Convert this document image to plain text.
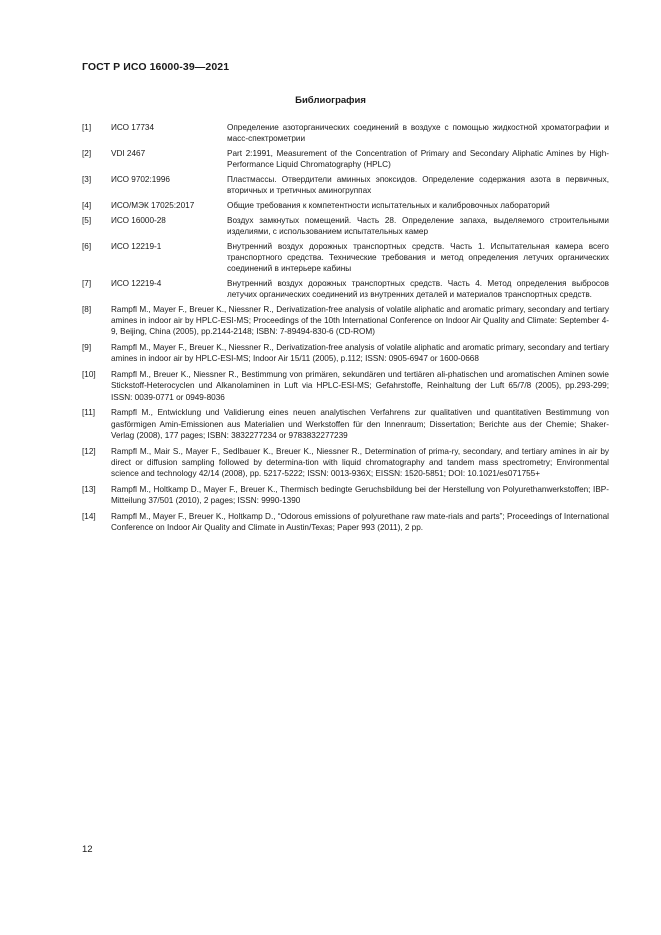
ГОСТ Р ИСО 16000-39—2021
Библиография
[1]	ИСО 17734	Определение азоторганических соединений в воздухе с помощью жидкостной хроматографии и масс-спектрометрии
[2]	VDI 2467	Part 2:1991, Measurement of the Concentration of Primary and Secondary Aliphatic Amines by High-Performance Liquid Chromatography (HPLC)
[3]	ИСО 9702:1996	Пластмассы. Отвердители аминных эпоксидов. Определение содержания азота в первичных, вторичных и третичных аминогруппах
[4]	ИСО/МЭК 17025:2017	Общие требования к компетентности испытательных и калибровочных лабораторий
[5]	ИСО 16000-28	Воздух замкнутых помещений. Часть 28. Определение запаха, выделяемого строительными изделиями, с использованием испытательных камер
[6]	ИСО 12219-1	Внутренний воздух дорожных транспортных средств. Часть 1. Испытательная камера всего транспортного средства. Технические требования и метод определения летучих органических соединений в интерьере кабины
[7]	ИСО 12219-4	Внутренний воздух дорожных транспортных средств. Часть 4. Метод определения выбросов летучих органических соединений из внутренних деталей и материалов транспортных средств.
[8]	Rampfl M., Mayer F., Breuer K., Niessner R., Derivatization-free analysis of volatile aliphatic and aromatic primary, secondary and tertiary amines in indoor air by HPLC-ESI-MS; Proceedings of the 10th International Conference on Indoor Air Quality and Climate: September 4-9, Beijing, China (2005), pp.2144-2148; ISBN: 7-89494-830-6 (CD-ROM)
[9]	Rampfl M., Mayer F., Breuer K., Niessner R., Derivatization-free analysis of volatile aliphatic and aromatic primary, secondary and tertiary amines in indoor air by HPLC-ESI-MS; Indoor Air 15/11 (2005), p.112; ISSN: 0905-6947 or 1600-0668
[10]	Rampfl M., Breuer K., Niessner R., Bestimmung von primären, sekundären und tertiären ali-phatischen und aromatischen Aminen sowie Stickstoff-Heterocyclen und Alkanolaminen in Luft via HPLC-ESI-MS; Gefahrstoffe, Reinhaltung der Luft 65/7/8 (2005), pp.293-299; ISSN: 0039-0771 or 0949-8036
[11]	Rampfl M., Entwicklung und Validierung eines neuen analytischen Verfahrens zur qualitativen und quantitativen Bestimmung von gasförmigen Amin-Emissionen aus Materialien und Werkstoffen für den Innenraum; Dissertation; Berichte aus der Chemie; Shaker-Verlag (2008), 177 pages; ISBN: 3832277234 or 9783832277239
[12]	Rampfl M., Mair S., Mayer F., Sedlbauer K., Breuer K., Niessner R., Determination of prima-ry, secondary, and tertiary amines in air by direct or diffusion sampling followed by determina-tion with liquid chromatography and tandem mass spectrometry; Environmental science and technology 42/14 (2008), pp. 5217-5222; ISSN: 0013-936X; EISSN: 1520-5851; DOI: 10.1021/es071755+
[13]	Rampfl M., Holtkamp D., Mayer F., Breuer K., Thermisch bedingte Geruchsbildung bei der Herstellung von Polyurethanwerkstoffen; IBP-Mitteilung 37/501 (2010), 2 pages; ISSN: 9990-1390
[14]	Rampfl M., Mayer F., Breuer K., Holtkamp D., “Odorous emissions of polyurethane raw mate-rials and parts”; Proceedings of International Conference on Indoor Air Quality and Climate in Austin/Texas; Paper 993 (2011), 2 pp.
12
